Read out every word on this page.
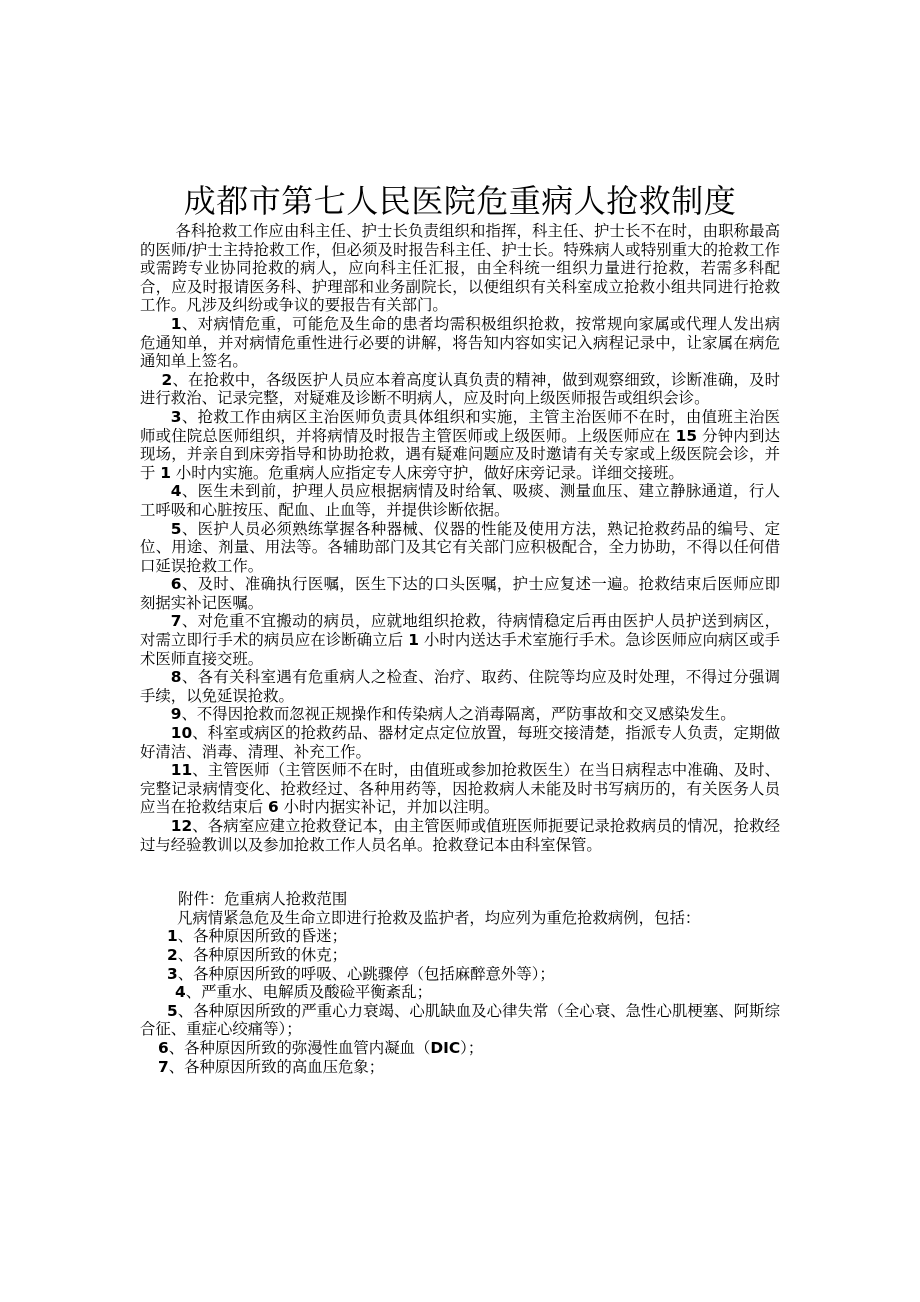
成都市第七人民医院危重病人抢救制度

各科抢救工作应由科主任、护士长负责组织和指挥，科主任、护士长不在时，由职称最高的医师/护士主持抢救工作，但必须及时报告科主任、护士长。特殊病人或特别重大的抢救工作或需跨专业协同抢救的病人，应向科主任汇报，由全科统一组织力量进行抢救，若需多科配合，应及时报请医务科、护理部和业务副院长，以便组织有关科室成立抢救小组共同进行抢救工作。凡涉及纠纷或争议的要报告有关部门。

1、对病情危重，可能危及生命的患者均需积极组织抢救，按常规向家属或代理人发出病危通知单，并对病情危重性进行必要的讲解，将告知内容如实记入病程记录中，让家属在病危通知单上签名。

2、在抢救中，各级医护人员应本着高度认真负责的精神，做到观察细致，诊断准确，及时进行救治、记录完整，对疑难及诊断不明病人，应及时向上级医师报告或组织会诊。

3、抢救工作由病区主治医师负责具体组织和实施，主管主治医师不在时，由值班主治医师或住院总医师组织，并将病情及时报告主管医师或上级医师。上级医师应在 15 分钟内到达现场，并亲自到床旁指导和协助抢救，遇有疑难问题应及时邀请有关专家或上级医院会诊，并于 1 小时内实施。危重病人应指定专人床旁守护，做好床旁记录。详细交接班。

4、医生未到前，护理人员应根据病情及时给氧、吸痰、测量血压、建立静脉通道，行人工呼吸和心脏按压、配血、止血等，并提供诊断依据。

5、医护人员必须熟练掌握各种器械、仪器的性能及使用方法，熟记抢救药品的编号、定位、用途、剂量、用法等。各辅助部门及其它有关部门应积极配合，全力协助，不得以任何借口延误抢救工作。

6、及时、准确执行医嘱，医生下达的口头医嘱，护士应复述一遍。抢救结束后医师应即刻据实补记医嘱。

7、对危重不宜搬动的病员，应就地组织抢救，待病情稳定后再由医护人员护送到病区，对需立即行手术的病员应在诊断确立后 1 小时内送达手术室施行手术。急诊医师应向病区或手术医师直接交班。

8、各有关科室遇有危重病人之检查、治疗、取药、住院等均应及时处理，不得过分强调手续，以免延误抢救。

9、不得因抢救而忽视正规操作和传染病人之消毒隔离，严防事故和交叉感染发生。

10、科室或病区的抢救药品、器材定点定位放置，每班交接清楚，指派专人负责，定期做好清洁、消毒、清理、补充工作。

11、主管医师（主管医师不在时，由值班或参加抢救医生）在当日病程志中准确、及时、完整记录病情变化、抢救经过、各种用药等，因抢救病人未能及时书写病历的，有关医务人员应当在抢救结束后 6 小时内据实补记，并加以注明。

12、各病室应建立抢救登记本，由主管医师或值班医师扼要记录抢救病员的情况，抢救经过与经验教训以及参加抢救工作人员名单。抢救登记本由科室保管。

附件：危重病人抢救范围

凡病情紧急危及生命立即进行抢救及监护者，均应列为重危抢救病例，包括：

1、各种原因所致的昏迷；
2、各种原因所致的休克；
3、各种原因所致的呼吸、心跳骤停（包括麻醉意外等）；
4、严重水、电解质及酸硷平衡紊乱；
5、各种原因所致的严重心力衰竭、心肌缺血及心律失常（全心衰、急性心肌梗塞、阿斯综合征、重症心绞痛等）；
6、各种原因所致的弥漫性血管内凝血（DIC）；
7、各种原因所致的高血压危象；
